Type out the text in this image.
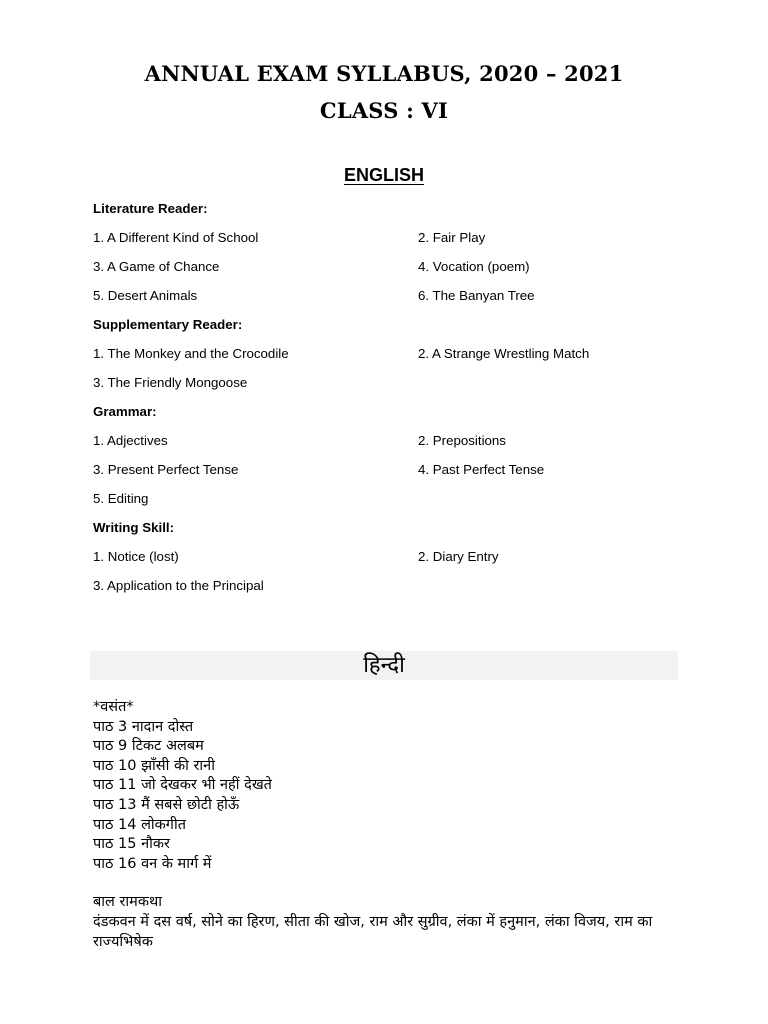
ANNUAL EXAM SYLLABUS, 2020 – 2021
CLASS : VI
ENGLISH
Literature Reader:
1. A Different Kind of School	2. Fair Play
3. A Game of Chance	4. Vocation (poem)
5. Desert Animals	6. The Banyan Tree
Supplementary Reader:
1. The Monkey and the Crocodile	2. A Strange Wrestling Match
3. The Friendly Mongoose
Grammar:
1. Adjectives	2. Prepositions
3. Present Perfect Tense	4. Past Perfect Tense
5. Editing
Writing Skill:
1. Notice (lost)	2. Diary Entry
3. Application to the Principal
हिन्दी
*वसंत*
पाठ 3 नादान दोस्त
पाठ 9 टिकट अलबम
पाठ 10 झाँसी की रानी
पाठ 11 जो देखकर भी नहीं देखते
पाठ 13 मैं सबसे छोटी होऊँ
पाठ 14 लोकगीत
पाठ 15 नौकर
पाठ 16 वन के मार्ग में
बाल रामकथा
दंडकवन में दस वर्ष, सोने का हिरण, सीता की खोज, राम और सुग्रीव, लंका में हनुमान, लंका विजय, राम का राज्यभिषेक
